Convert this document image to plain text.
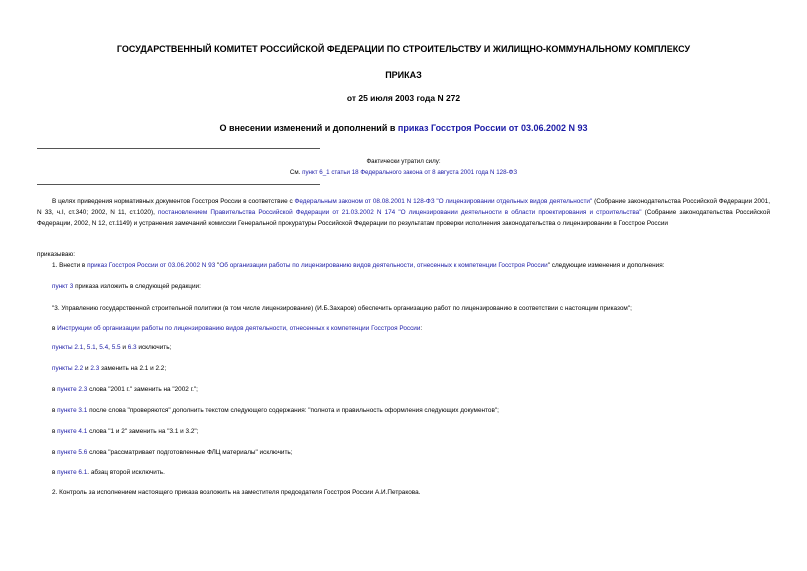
ГОСУДАРСТВЕННЫЙ КОМИТЕТ РОССИЙСКОЙ ФЕДЕРАЦИИ ПО СТРОИТЕЛЬСТВУ И ЖИЛИЩНО-КОММУНАЛЬНОМУ КОМПЛЕКСУ
ПРИКАЗ
от 25 июля 2003 года N 272
О внесении изменений и дополнений в приказ Госстроя России от 03.06.2002 N 93
Фактически утратил силу:
См. пункт 6_1 статьи 18 Федерального закона от 8 августа 2001 года N 128-ФЗ
В целях приведения нормативных документов Госстроя России в соответствие с Федеральным законом от 08.08.2001 N 128-ФЗ "О лицензировании отдельных видов деятельности" (Собрание законодательства Российской Федерации 2001, N 33, ч.I, ст.340; 2002, N 11, ст.1020), постановлением Правительства Российской Федерации от 21.03.2002 N 174 "О лицензировании деятельности в области проектирования и строительства" (Собрание законодательства Российской Федерации, 2002, N 12, ст.1149) и устранения замечаний комиссии Генеральной прокуратуры Российской Федерации по результатам проверки исполнения законодательства о лицензировании в Госстрое России
приказываю:
1. Внести в приказ Госстроя России от 03.06.2002 N 93 "Об организации работы по лицензированию видов деятельности, отнесенных к компетенции Госстроя России" следующие изменения и дополнения:
пункт 3 приказа изложить в следующей редакции:
"3. Управлению государственной строительной политики (в том числе лицензирование) (И.Б.Захаров) обеспечить организацию работ по лицензированию в соответствии с настоящим приказом";
в Инструкции об организации работы по лицензированию видов деятельности, отнесенных к компетенции Госстроя России:
пункты 2.1, 5.1, 5.4, 5.5 и 6.3 исключить;
пункты 2.2 и 2.3 заменить на 2.1 и 2.2;
в пункте 2.3 слова "2001 г." заменить на "2002 г.";
в пункте 3.1 после слова "проверяются" дополнить текстом следующего содержания: "полнота и правильность оформления следующих документов";
в пункте 4.1 слова "1 и 2" заменить на "3.1 и 3.2";
в пункте 5.6 слова "рассматривает подготовленные ФЛЦ материалы" исключить;
в пункте 6.1. абзац второй исключить.
2. Контроль за исполнением настоящего приказа возложить на заместителя председателя Госстроя России А.И.Петракова.
